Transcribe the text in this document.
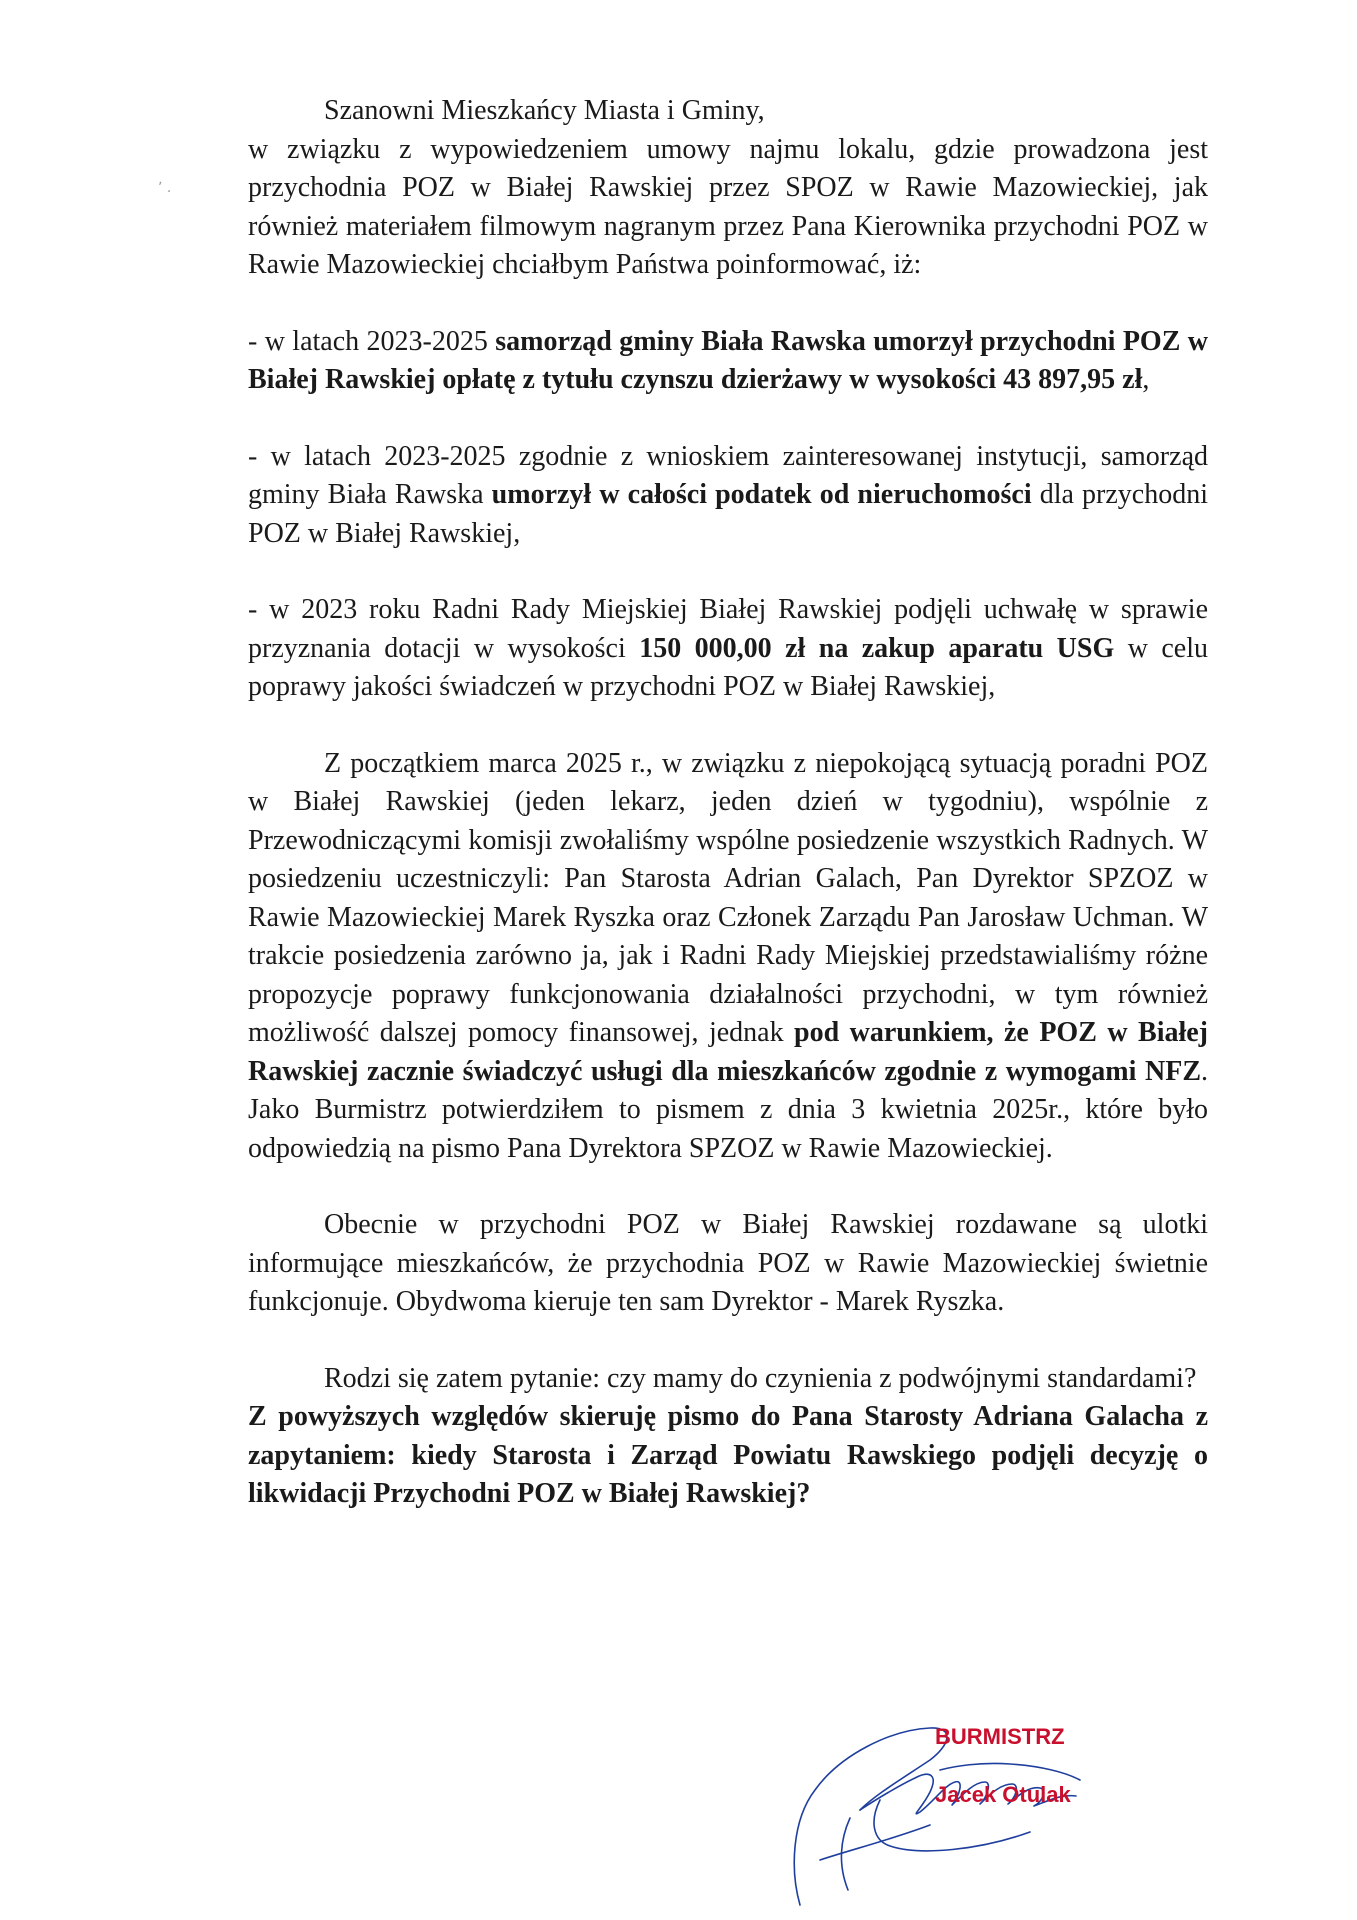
ʼ .

Szanowni Mieszkańcy Miasta i Gminy,

w związku z wypowiedzeniem umowy najmu lokalu, gdzie prowadzona jest przychodnia POZ w Białej Rawskiej przez SPOZ w Rawie Mazowieckiej, jak również materiałem filmowym nagranym przez Pana Kierownika przychodni POZ w Rawie Mazowieckiej chciałbym Państwa poinformować, iż:

- w latach 2023-2025 samorząd gminy Biała Rawska umorzył przychodni POZ w Białej Rawskiej opłatę z tytułu czynszu dzierżawy w wysokości 43 897,95 zł,

- w latach 2023-2025 zgodnie z wnioskiem zainteresowanej instytucji, samorząd gminy Biała Rawska umorzył w całości podatek od nieruchomości dla przychodni POZ w Białej Rawskiej,

- w 2023 roku Radni Rady Miejskiej Białej Rawskiej podjęli uchwałę w sprawie przyznania dotacji w wysokości 150 000,00 zł na zakup aparatu USG w celu poprawy jakości świadczeń w przychodni POZ w Białej Rawskiej,

Z początkiem marca 2025 r., w związku z niepokojącą sytuacją poradni POZ w Białej Rawskiej (jeden lekarz, jeden dzień w tygodniu), wspólnie z Przewodniczącymi komisji zwołaliśmy wspólne posiedzenie wszystkich Radnych. W posiedzeniu uczestniczyli: Pan Starosta Adrian Galach, Pan Dyrektor SPZOZ w Rawie Mazowieckiej Marek Ryszka oraz Członek Zarządu Pan Jarosław Uchman. W trakcie posiedzenia zarówno ja, jak i Radni Rady Miejskiej przedstawialiśmy różne propozycje poprawy funkcjonowania działalności przychodni, w tym również możliwość dalszej pomocy finansowej, jednak pod warunkiem, że POZ w Białej Rawskiej zacznie świadczyć usługi dla mieszkańców zgodnie z wymogami NFZ. Jako Burmistrz potwierdziłem to pismem z dnia 3 kwietnia 2025r., które było odpowiedzią na pismo Pana Dyrektora SPZOZ w Rawie Mazowieckiej.

Obecnie w przychodni POZ w Białej Rawskiej rozdawane są ulotki informujące mieszkańców, że przychodnia POZ w Rawie Mazowieckiej świetnie funkcjonuje. Obydwoma kieruje ten sam Dyrektor - Marek Ryszka.

Rodzi się zatem pytanie: czy mamy do czynienia z podwójnymi standardami?

Z powyższych względów skieruję pismo do Pana Starosty Adriana Galacha z zapytaniem: kiedy Starosta i Zarząd Powiatu Rawskiego podjęli decyzję o likwidacji Przychodni POZ w Białej Rawskiej?

BURMISTRZ
Jacek Otulak
